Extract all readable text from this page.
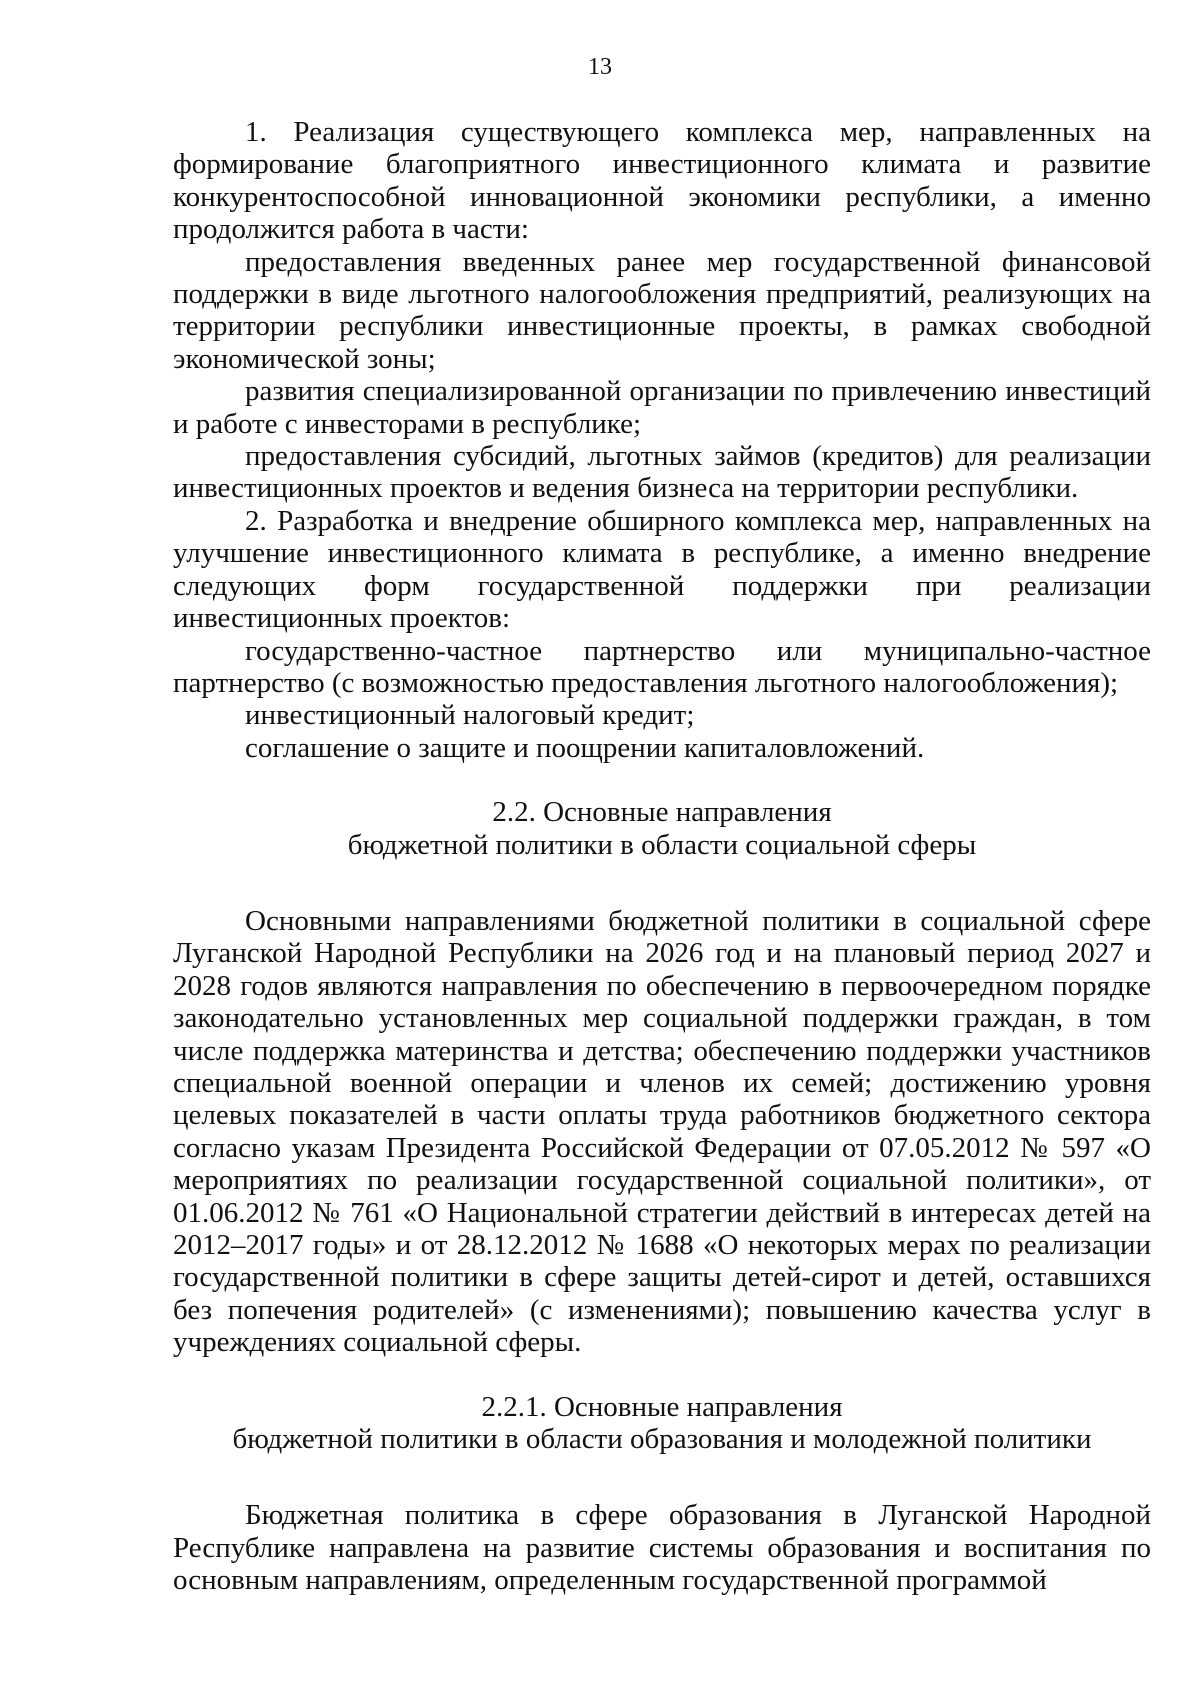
13

1. Реализация существующего комплекса мер, направленных на формирование благоприятного инвестиционного климата и развитие конкурентоспособной инновационной экономики республики, а именно продолжится работа в части:

предоставления введенных ранее мер государственной финансовой поддержки в виде льготного налогообложения предприятий, реализующих на территории республики инвестиционные проекты, в рамках свободной экономической зоны;

развития специализированной организации по привлечению инвестиций и работе с инвесторами в республике;

предоставления субсидий, льготных займов (кредитов) для реализации инвестиционных проектов и ведения бизнеса на территории республики.

2. Разработка и внедрение обширного комплекса мер, направленных на улучшение инвестиционного климата в республике, а именно внедрение следующих форм государственной поддержки при реализации инвестиционных проектов:

государственно-частное партнерство или муниципально-частное партнерство (с возможностью предоставления льготного налогообложения);

инвестиционный налоговый кредит;

соглашение о защите и поощрении капиталовложений.

2.2. Основные направления
бюджетной политики в области социальной сферы

Основными направлениями бюджетной политики в социальной сфере Луганской Народной Республики на 2026 год и на плановый период 2027 и 2028 годов являются направления по обеспечению в первоочередном порядке законодательно установленных мер социальной поддержки граждан, в том числе поддержка материнства и детства; обеспечению поддержки участников специальной военной операции и членов их семей; достижению уровня целевых показателей в части оплаты труда работников бюджетного сектора согласно указам Президента Российской Федерации от 07.05.2012 № 597 «О мероприятиях по реализации государственной социальной политики», от 01.06.2012 № 761 «О Национальной стратегии действий в интересах детей на 2012–2017 годы» и от 28.12.2012 № 1688 «О некоторых мерах по реализации государственной политики в сфере защиты детей-сирот и детей, оставшихся без попечения родителей» (с изменениями); повышению качества услуг в учреждениях социальной сферы.

2.2.1. Основные направления
бюджетной политики в области образования и молодежной политики

Бюджетная политика в сфере образования в Луганской Народной Республике направлена на развитие системы образования и воспитания по основным направлениям, определенным государственной программой
